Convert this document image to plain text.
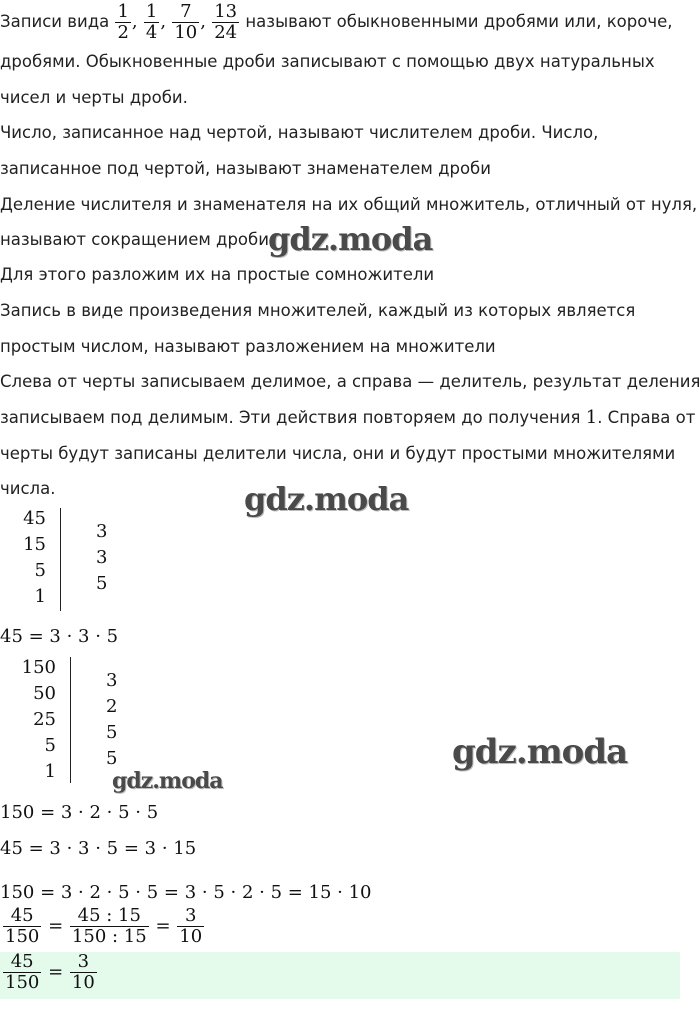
Записи вида $\frac{1}{2}$ , $\frac{1}{4}$ , $\frac{7}{10}$ , $\frac{13}{24}$ называют обыкновенными дробями или, короче,
дробями. Обыкновенные дроби записывают с помощью двух натуральных
чисел и черты дроби.
Число, записанное над чертой, называют числителем дроби. Число,
записанное под чертой, называют знаменателем дроби
Деление числителя и знаменателя на их общий множитель, отличный от нуля,
называют сокращением дроби gdz.moda
Для этого разложим их на простые сомножители
Запись в виде произведения множителей, каждый из которых является
простым числом, называют разложением на множители
Слева от черты записываем делимое, а справа — делитель, результат деления
записываем под делимым. Эти действия повторяем до получения 1. Справа от
черты будут записаны делители числа, они и будут простыми множителями
числа.	gdz.moda
45
15
5
1
3
3
5
45 = 3 · 3 · 5
150
50
25
5
1
3
2
5
5
gdz.moda
gdz.moda
150 = 3 · 2 · 5 · 5
45 = 3 · 3 · 5 = 3 · 15
150 = 3 · 2 · 5 · 5 = 3 · 5 · 2 · 5 = 15 · 10
$\frac{45}{150} = \frac{45 : 15}{150 : 15} = \frac{3}{10}$
$\frac{45}{150} = \frac{3}{10}$
